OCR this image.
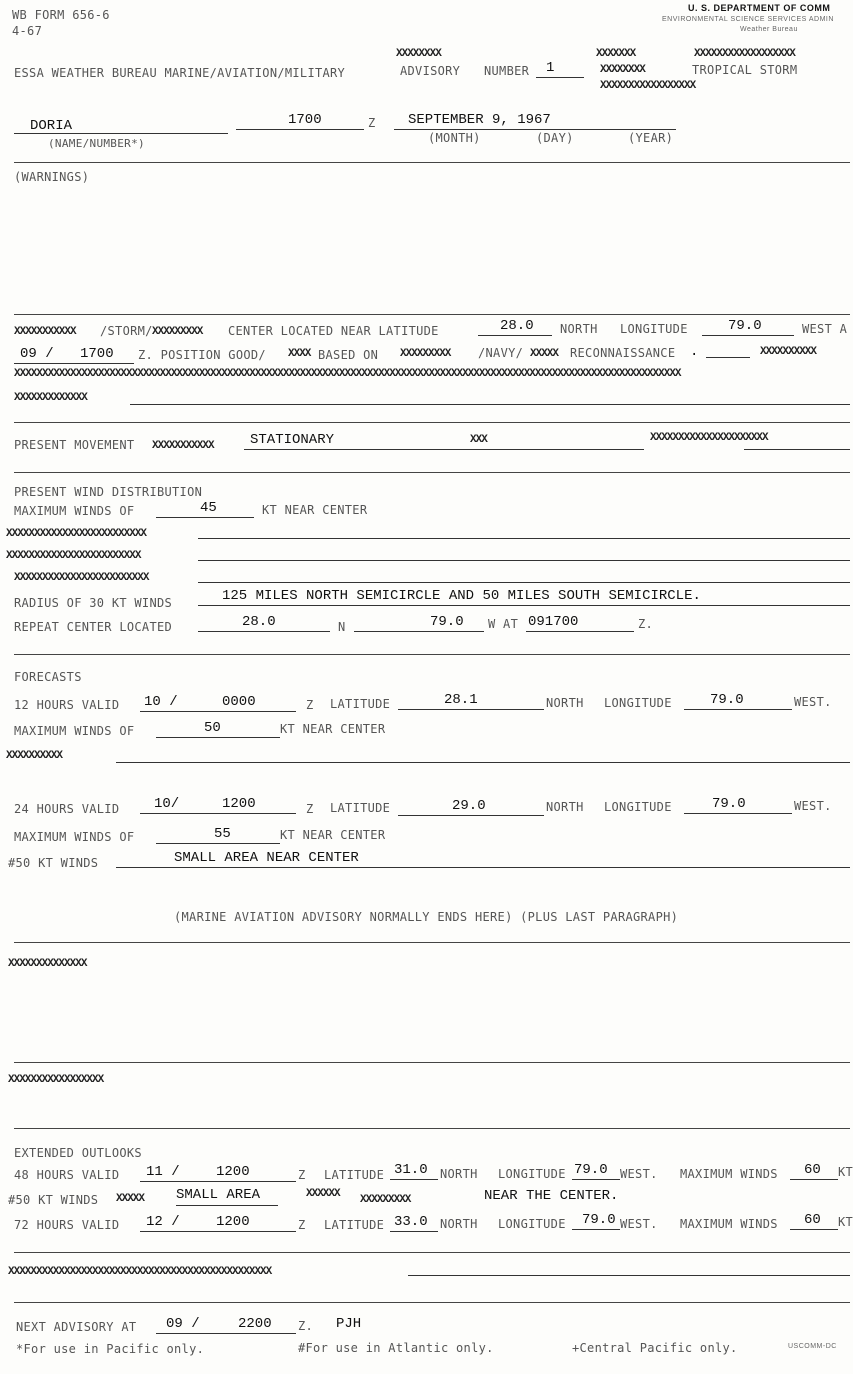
WB FORM 656-6
4-67
U. S. DEPARTMENT OF COMM
ENVIRONMENTAL SCIENCE SERVICES ADMIN
Weather Bureau
XXXXXXXX	XXXXXXX	XXXXXXXXXXXXXXXXXX
ESSA WEATHER BUREAU MARINE/AVIATION/MILITARY	ADVISORY NUMBER 1	XXXXXXXX	TROPICAL STORM
XXXXXXXXXXXXXXXXX
DORIA
(NAME/NUMBER*)
1700	Z SEPTEMBER 9, 1967
(MONTH)	(DAY)	(YEAR)
(WARNINGS)
XXXXXXXXXXX /STORM/ XXXXXXXXX CENTER LOCATED NEAR LATITUDE	28.0 NORTH LONGITUDE	79.0	WEST A
09 / 1700 Z. POSITION GOOD/ XXXX BASED ON XXXXXXXXX /NAVY/ XXXXX RECONNAISSANCE .	XXXXXXXXXX
XXXXXXXXXXXXXXXXXXXXXXXXXXXXXXXXXXXXXXXXXXXXXXXXXXXXXXXXXXXXXXXXXXXXXXXXXXXXXXXXXXXXXXXXXXXXXXXXXXXXXXXXXXXXXXXXXXXXXXX
XXXXXXXXXXXXX
PRESENT MOVEMENT XXXXXXXXXXX	STATIONARY	XXX	XXXXXXXXXXXXXXXXXXXXX
PRESENT WIND DISTRIBUTION
MAXIMUM WINDS OF	45	KT NEAR CENTER
XXXXXXXXXXXXXXXXXXXXXXXXX
XXXXXXXXXXXXXXXXXXXXXXXX
XXXXXXXXXXXXXXXXXXXXXXXX
RADIUS OF 30 KT WINDS	125 MILES NORTH SEMICIRCLE AND 50 MILES SOUTH SEMICIRCLE.
REPEAT CENTER LOCATED	28.0	N	79.0 W AT 091700	Z.
FORECASTS
12 HOURS VALID 10 /	0000	Z LATITUDE	28.1	NORTH LONGITUDE	79.0	WEST.
MAXIMUM WINDS OF	50	KT NEAR CENTER
XXXXXXXXXX
24 HOURS VALID 10/	1200	Z LATITUDE	29.0	NORTH LONGITUDE	79.0	WEST.
MAXIMUM WINDS OF	55	KT NEAR CENTER
#50 KT WINDS	SMALL AREA NEAR CENTER
(MARINE AVIATION ADVISORY NORMALLY ENDS HERE) (PLUS LAST PARAGRAPH)
XXXXXXXXXXXXXX
XXXXXXXXXXXXXXXXX
EXTENDED OUTLOOKS
48 HOURS VALID 11 /	1200	Z LATITUDE 31.0 NORTH LONGITUDE 79.0 WEST. MAXIMUM WINDS 60 KT
#50 KT WINDS XXXXX SMALL AREA	XXXXXX XXXXXXXXX	NEAR THE CENTER.
72 HOURS VALID 12 /	1200	Z LATITUDE 33.0 NORTH LONGITUDE 79.0 WEST. MAXIMUM WINDS 60 KT
XXXXXXXXXXXXXXXXXXXXXXXXXXXXXXXXXXXXXXXXXXXXXXX
NEXT ADVISORY AT 09 /	2200 Z. PJH
*For use in Pacific only.	#For use in Atlantic only.	+Central Pacific only.	USCOMM-DC
